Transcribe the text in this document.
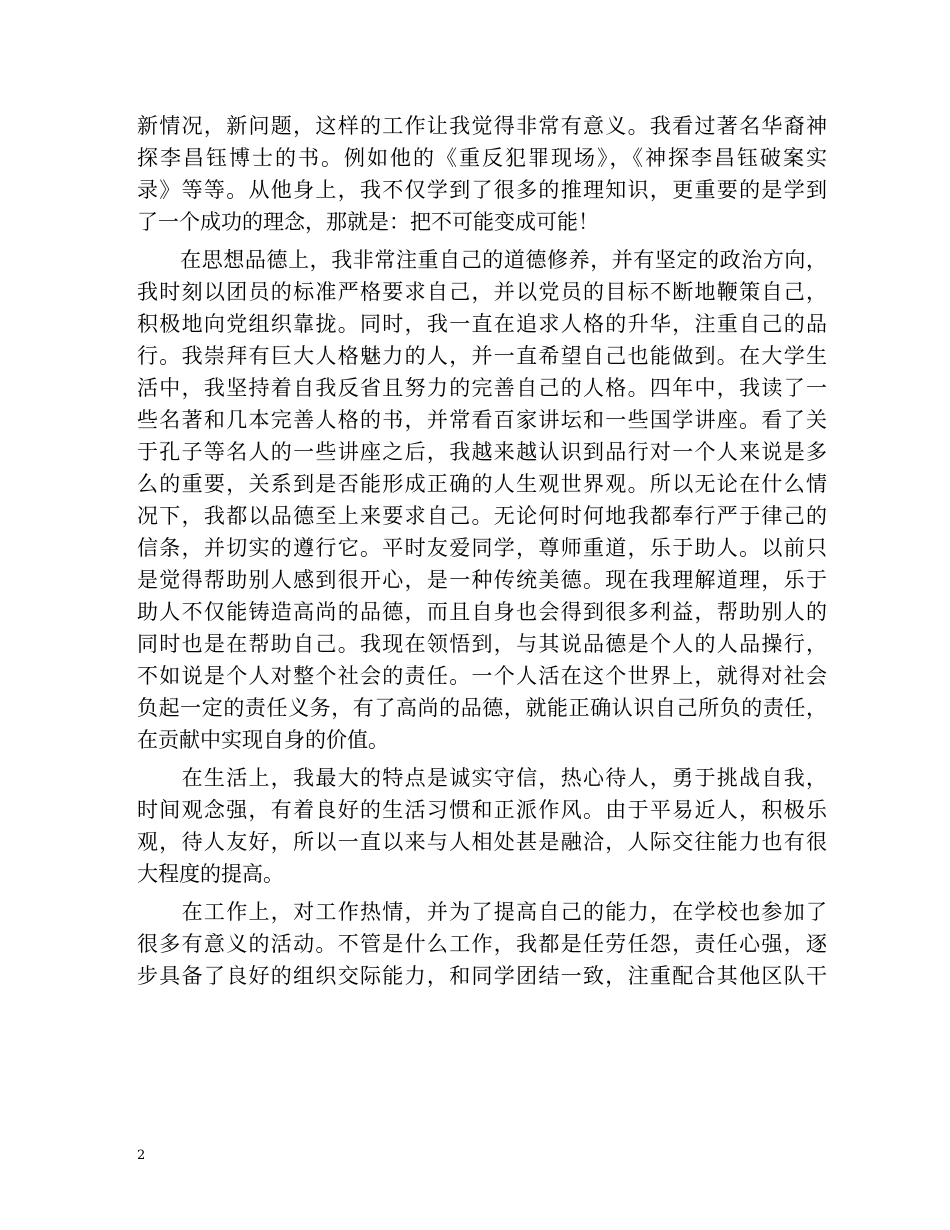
新情况，新问题，这样的工作让我觉得非常有意义。我看过著名华裔神
探李昌钰博士的书。例如他的《重反犯罪现场》，《神探李昌钰破案实
录》等等。从他身上，我不仅学到了很多的推理知识，更重要的是学到
了一个成功的理念，那就是：把不可能变成可能！
　　在思想品德上，我非常注重自己的道德修养，并有坚定的政治方向，
我时刻以团员的标准严格要求自己，并以党员的目标不断地鞭策自己，
积极地向党组织靠拢。同时，我一直在追求人格的升华，注重自己的品
行。我崇拜有巨大人格魅力的人，并一直希望自己也能做到。在大学生
活中，我坚持着自我反省且努力的完善自己的人格。四年中，我读了一
些名著和几本完善人格的书，并常看百家讲坛和一些国学讲座。看了关
于孔子等名人的一些讲座之后，我越来越认识到品行对一个人来说是多
么的重要，关系到是否能形成正确的人生观世界观。所以无论在什么情
况下，我都以品德至上来要求自己。无论何时何地我都奉行严于律己的
信条，并切实的遵行它。平时友爱同学，尊师重道，乐于助人。以前只
是觉得帮助别人感到很开心，是一种传统美德。现在我理解道理，乐于
助人不仅能铸造高尚的品德，而且自身也会得到很多利益，帮助别人的
同时也是在帮助自己。我现在领悟到，与其说品德是个人的人品操行，
不如说是个人对整个社会的责任。一个人活在这个世界上，就得对社会
负起一定的责任义务，有了高尚的品德，就能正确认识自己所负的责任，
在贡献中实现自身的价值。
　　在生活上，我最大的特点是诚实守信，热心待人，勇于挑战自我，
时间观念强，有着良好的生活习惯和正派作风。由于平易近人，积极乐
观，待人友好，所以一直以来与人相处甚是融洽，人际交往能力也有很
大程度的提高。
　　在工作上，对工作热情，并为了提高自己的能力，在学校也参加了
很多有意义的活动。不管是什么工作，我都是任劳任怨，责任心强，逐
步具备了良好的组织交际能力，和同学团结一致，注重配合其他区队干
2
